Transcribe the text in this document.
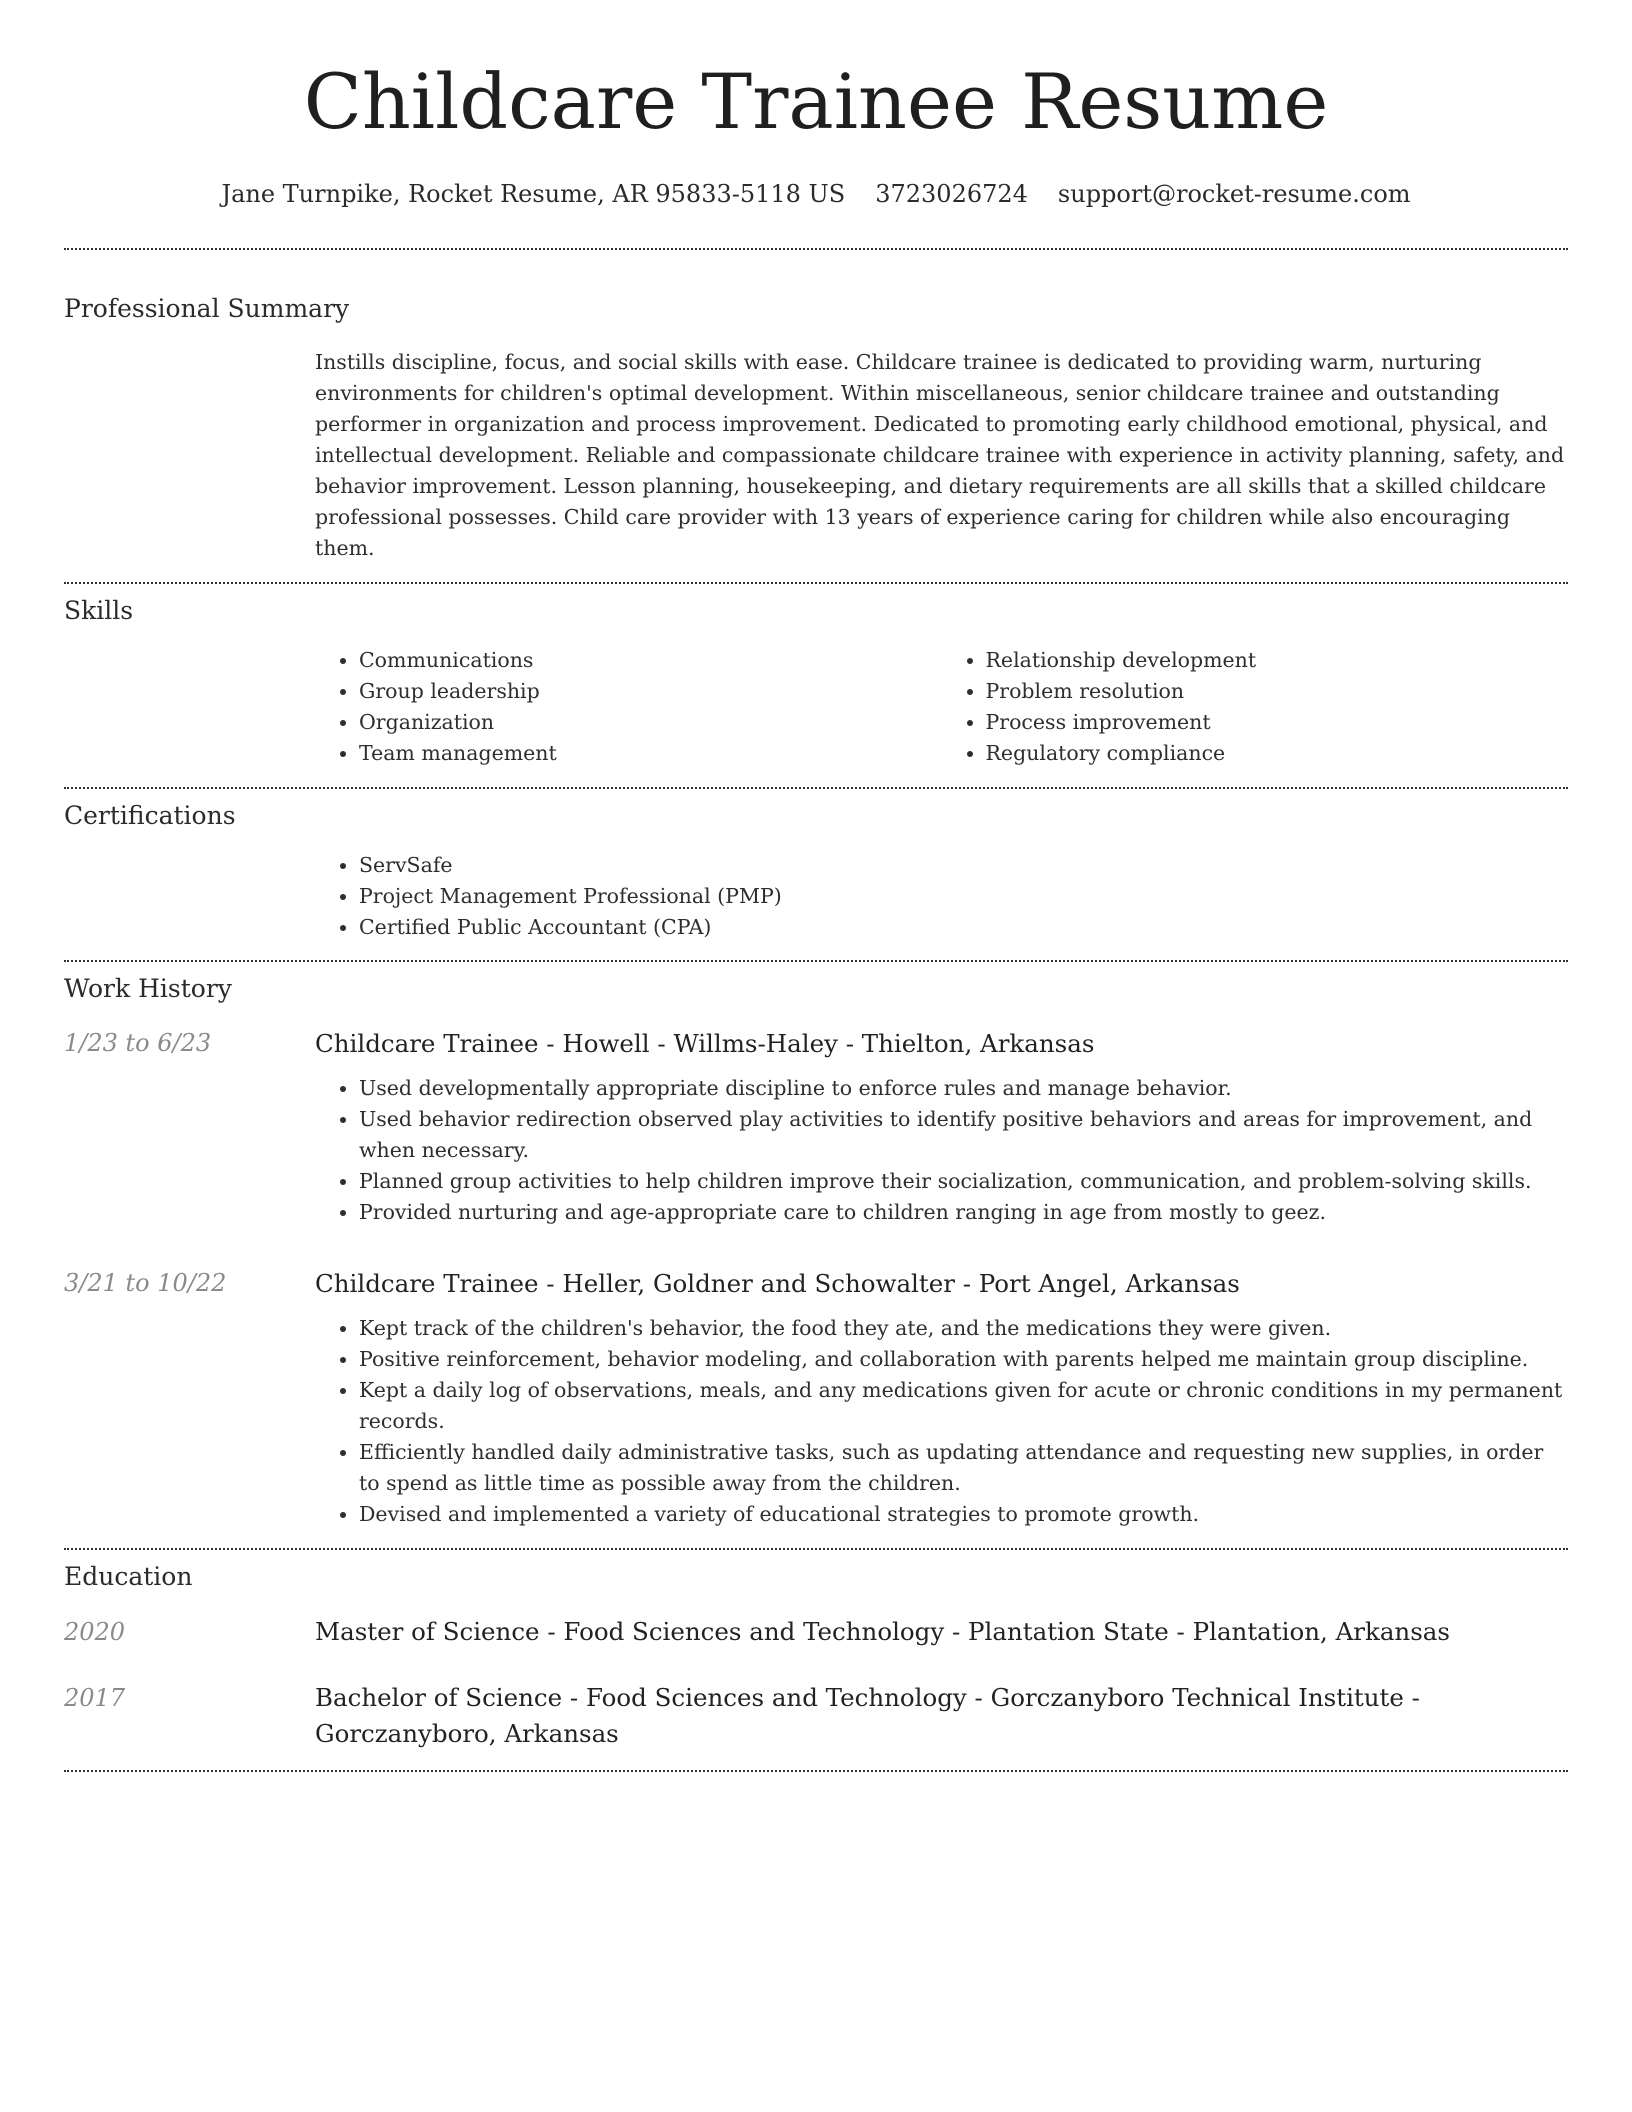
Childcare Trainee Resume
Jane Turnpike, Rocket Resume, AR 95833-5118 US 3723026724 support@rocket-resume.com
Professional Summary

Instills discipline, focus, and social skills with ease. Childcare trainee is dedicated to providing warm, nurturing environments for children's optimal development. Within miscellaneous, senior childcare trainee and outstanding performer in organization and process improvement. Dedicated to promoting early childhood emotional, physical, and intellectual development. Reliable and compassionate childcare trainee with experience in activity planning, safety, and behavior improvement. Lesson planning, housekeeping, and dietary requirements are all skills that a skilled childcare professional possesses. Child care provider with 13 years of experience caring for children while also encouraging them.

Skills
• Communications
• Group leadership
• Organization
• Team management
• Relationship development
• Problem resolution
• Process improvement
• Regulatory compliance
Certifications
• ServSafe
• Project Management Professional (PMP)
• Certified Public Accountant (CPA)
Work History
1/23 to 6/23	Childcare Trainee - Howell - Willms-Haley - Thielton, Arkansas
• Used developmentally appropriate discipline to enforce rules and manage behavior.
• Used behavior redirection observed play activities to identify positive behaviors and areas for improvement, and when necessary.
• Planned group activities to help children improve their socialization, communication, and problem-solving skills.
• Provided nurturing and age-appropriate care to children ranging in age from mostly to geez.
3/21 to 10/22	Childcare Trainee - Heller, Goldner and Schowalter - Port Angel, Arkansas
• Kept track of the children's behavior, the food they ate, and the medications they were given.
• Positive reinforcement, behavior modeling, and collaboration with parents helped me maintain group discipline.
• Kept a daily log of observations, meals, and any medications given for acute or chronic conditions in my permanent records.
• Efficiently handled daily administrative tasks, such as updating attendance and requesting new supplies, in order to spend as little time as possible away from the children.
• Devised and implemented a variety of educational strategies to promote growth.
Education
2020	Master of Science - Food Sciences and Technology - Plantation State - Plantation, Arkansas
2017	Bachelor of Science - Food Sciences and Technology - Gorczanyboro Technical Institute - Gorczanyboro, Arkansas
